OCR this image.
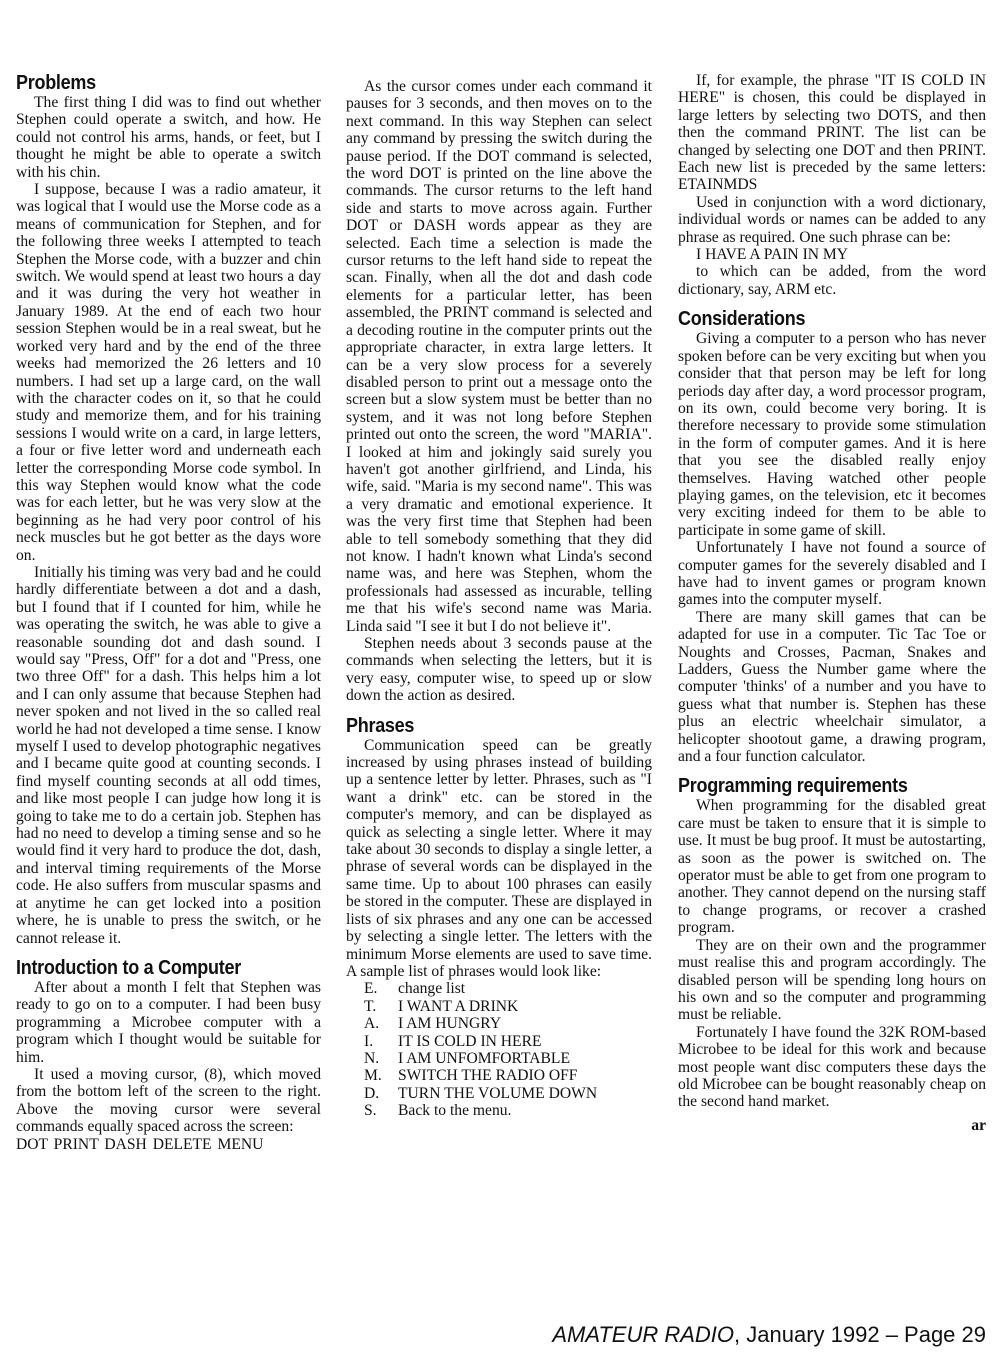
Problems

The first thing I did was to find out whether Stephen could operate a switch, and how. He could not control his arms, hands, or feet, but I thought he might be able to operate a switch with his chin.

I suppose, because I was a radio amateur, it was logical that I would use the Morse code as a means of communication for Stephen, and for the following three weeks I attempted to teach Stephen the Morse code, with a buzzer and chin switch. We would spend at least two hours a day and it was during the very hot weather in January 1989. At the end of each two hour session Stephen would be in a real sweat, but he worked very hard and by the end of the three weeks had memorized the 26 letters and 10 numbers. I had set up a large card, on the wall with the character codes on it, so that he could study and memorize them, and for his training sessions I would write on a card, in large letters, a four or five letter word and underneath each letter the corresponding Morse code symbol. In this way Stephen would know what the code was for each letter, but he was very slow at the beginning as he had very poor control of his neck muscles but he got better as the days wore on.

Initially his timing was very bad and he could hardly differentiate between a dot and a dash, but I found that if I counted for him, while he was operating the switch, he was able to give a reasonable sounding dot and dash sound. I would say "Press, Off" for a dot and "Press, one two three Off" for a dash. This helps him a lot and I can only assume that because Stephen had never spoken and not lived in the so called real world he had not developed a time sense. I know myself I used to develop photographic negatives and I became quite good at counting seconds. I find myself counting seconds at all odd times, and like most people I can judge how long it is going to take me to do a certain job. Stephen has had no need to develop a timing sense and so he would find it very hard to produce the dot, dash, and interval timing requirements of the Morse code. He also suffers from muscular spasms and at anytime he can get locked into a position where, he is unable to press the switch, or he cannot release it.

Introduction to a Computer

After about a month I felt that Stephen was ready to go on to a computer. I had been busy programming a Microbee computer with a program which I thought would be suitable for him.

It used a moving cursor, (8), which moved from the bottom left of the screen to the right. Above the moving cursor were several commands equally spaced across the screen:

DOT PRINT DASH DELETE MENU

As the cursor comes under each command it pauses for 3 seconds, and then moves on to the next command. In this way Stephen can select any command by pressing the switch during the pause period. If the DOT command is selected, the word DOT is printed on the line above the commands. The cursor returns to the left hand side and starts to move across again. Further DOT or DASH words appear as they are selected. Each time a selection is made the cursor returns to the left hand side to repeat the scan. Finally, when all the dot and dash code elements for a particular letter, has been assembled, the PRINT command is selected and a decoding routine in the computer prints out the appropriate character, in extra large letters. It can be a very slow process for a severely disabled person to print out a message onto the screen but a slow system must be better than no system, and it was not long before Stephen printed out onto the screen, the word "MARIA". I looked at him and jokingly said surely you haven't got another girlfriend, and Linda, his wife, said. "Maria is my second name". This was a very dramatic and emotional experience. It was the very first time that Stephen had been able to tell somebody something that they did not know. I hadn't known what Linda's second name was, and here was Stephen, whom the professionals had assessed as incurable, telling me that his wife's second name was Maria. Linda said "I see it but I do not believe it".

Stephen needs about 3 seconds pause at the commands when selecting the letters, but it is very easy, computer wise, to speed up or slow down the action as desired.

Phrases

Communication speed can be greatly increased by using phrases instead of building up a sentence letter by letter. Phrases, such as "I want a drink" etc. can be stored in the computer's memory, and can be displayed as quick as selecting a single letter. Where it may take about 30 seconds to display a single letter, a phrase of several words can be displayed in the same time. Up to about 100 phrases can easily be stored in the computer. These are displayed in lists of six phrases and any one can be accessed by selecting a single letter. The letters with the minimum Morse elements are used to save time. A sample list of phrases would look like:

E.	change list
T.	I WANT A DRINK
A.	I AM HUNGRY
I.	IT IS COLD IN HERE
N.	I AM UNFOMFORTABLE
M.	SWITCH THE RADIO OFF
D.	TURN THE VOLUME DOWN
S.	Back to the menu.

If, for example, the phrase "IT IS COLD IN HERE" is chosen, this could be displayed in large letters by selecting two DOTS, and then then the command PRINT. The list can be changed by selecting one DOT and then PRINT. Each new list is preceded by the same letters: ETAINMDS

Used in conjunction with a word dictionary, individual words or names can be added to any phrase as required. One such phrase can be:

I HAVE A PAIN IN MY

to which can be added, from the word dictionary, say, ARM etc.

Considerations

Giving a computer to a person who has never spoken before can be very exciting but when you consider that that person may be left for long periods day after day, a word processor program, on its own, could become very boring. It is therefore necessary to provide some stimulation in the form of computer games. And it is here that you see the disabled really enjoy themselves. Having watched other people playing games, on the television, etc it becomes very exciting indeed for them to be able to participate in some game of skill.

Unfortunately I have not found a source of computer games for the severely disabled and I have had to invent games or program known games into the computer myself.

There are many skill games that can be adapted for use in a computer. Tic Tac Toe or Noughts and Crosses, Pacman, Snakes and Ladders, Guess the Number game where the computer 'thinks' of a number and you have to guess what that number is. Stephen has these plus an electric wheelchair simulator, a helicopter shootout game, a drawing program, and a four function calculator.

Programming requirements

When programming for the disabled great care must be taken to ensure that it is simple to use. It must be bug proof. It must be autostarting, as soon as the power is switched on. The operator must be able to get from one program to another. They cannot depend on the nursing staff to change programs, or recover a crashed program.

They are on their own and the programmer must realise this and program accordingly. The disabled person will be spending long hours on his own and so the computer and programming must be reliable.

Fortunately I have found the 32K ROM-based Microbee to be ideal for this work and because most people want disc computers these days the old Microbee can be bought reasonably cheap on the second hand market.

ar

AMATEUR RADIO, January 1992 – Page 29
